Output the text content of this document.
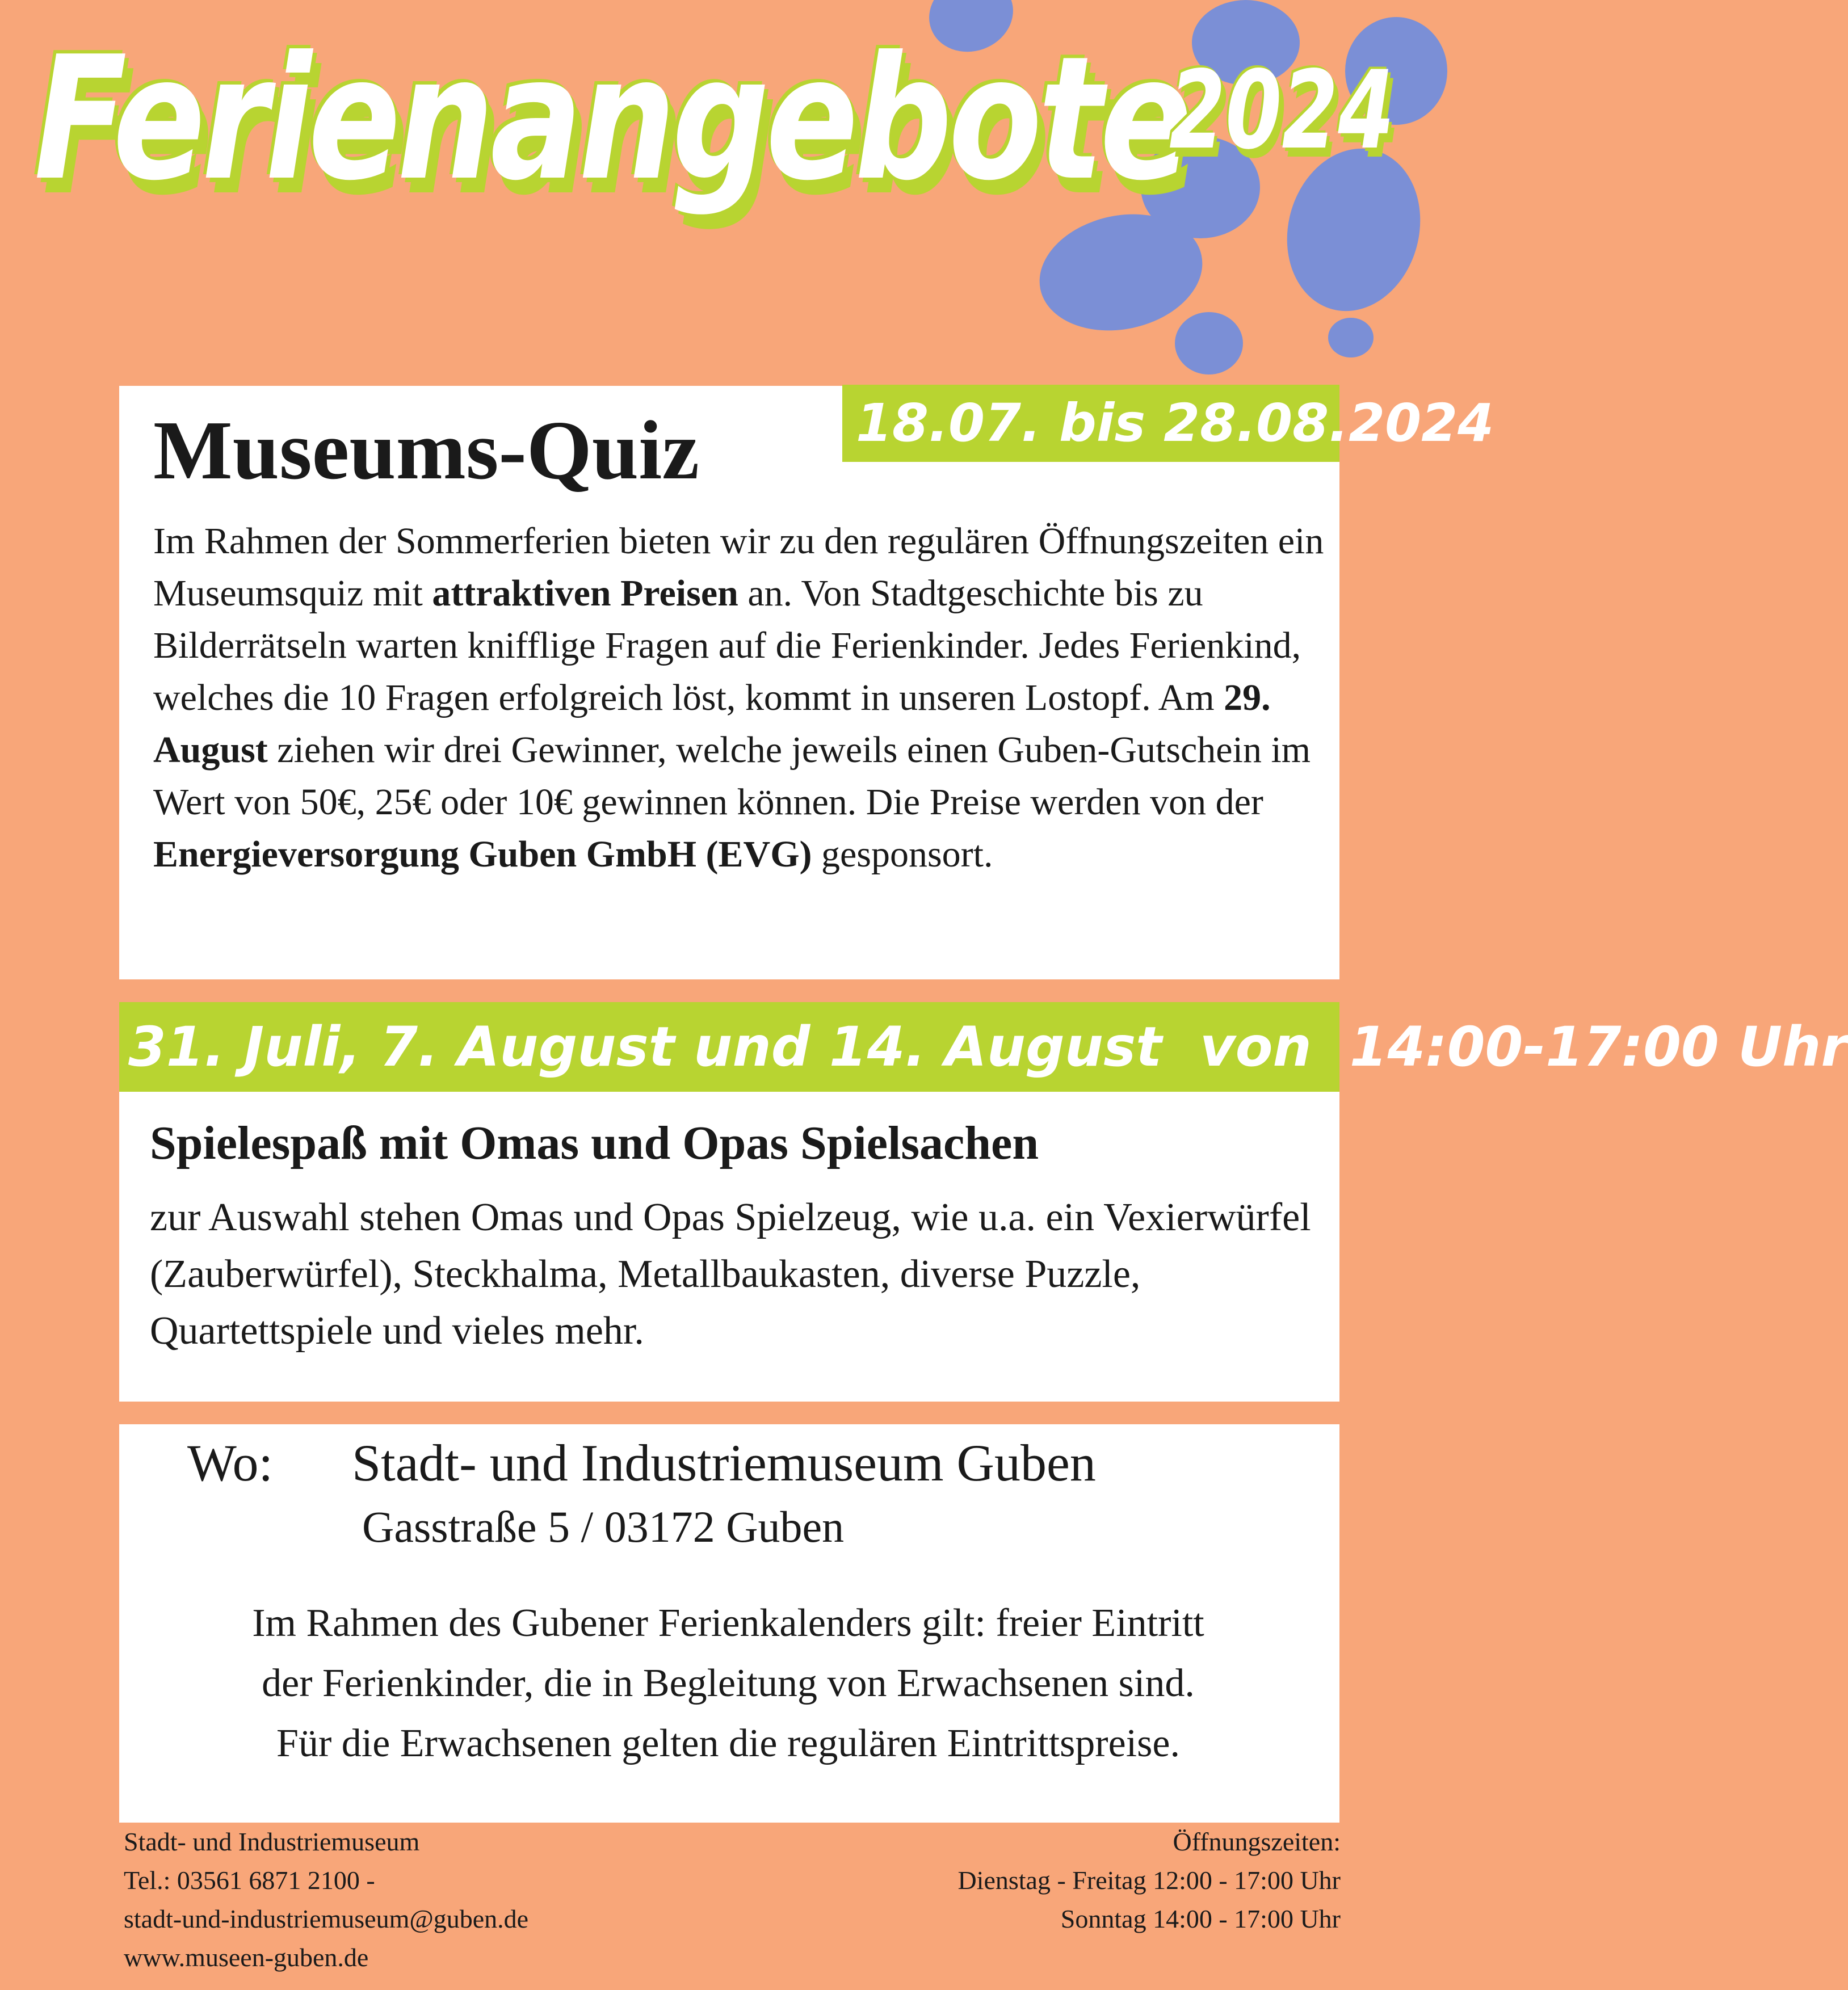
Ferienangebote
2024
18.07. bis 28.08.2024
Museums-Quiz
Im Rahmen der Sommerferien bieten wir zu den regulären Öffnungszeiten ein Museumsquiz mit attraktiven Preisen an. Von Stadtgeschichte bis zu Bilderrätseln warten knifflige Fragen auf die Ferienkinder. Jedes Ferienkind, welches die 10 Fragen erfolgreich löst, kommt in unseren Lostopf. Am 29. August ziehen wir drei Gewinner, welche jeweils einen Guben-Gutschein im Wert von 50€, 25€ oder 10€ gewinnen können. Die Preise werden von der Energieversorgung Guben GmbH (EVG) gesponsort.
31. Juli, 7. August und 14. August  von  14:00-17:00 Uhr
Spielespaß mit Omas und Opas Spielsachen
zur Auswahl stehen Omas und Opas Spielzeug, wie u.a. ein Vexierwürfel (Zauberwürfel), Steckhalma, Metallbaukasten, diverse Puzzle, Quartettspiele und vieles mehr.
Wo: Stadt- und Industriemuseum Guben
Gasstraße 5 / 03172 Guben
Im Rahmen des Gubener Ferienkalenders gilt: freier Eintritt
der Ferienkinder, die in Begleitung von Erwachsenen sind.
Für die Erwachsenen gelten die regulären Eintrittspreise.
Stadt- und Industriemuseum
Tel.: 03561 6871 2100 -
stadt-und-industriemuseum@guben.de
www.museen-guben.de
Öffnungszeiten:
Dienstag - Freitag 12:00 - 17:00 Uhr
Sonntag 14:00 - 17:00 Uhr
